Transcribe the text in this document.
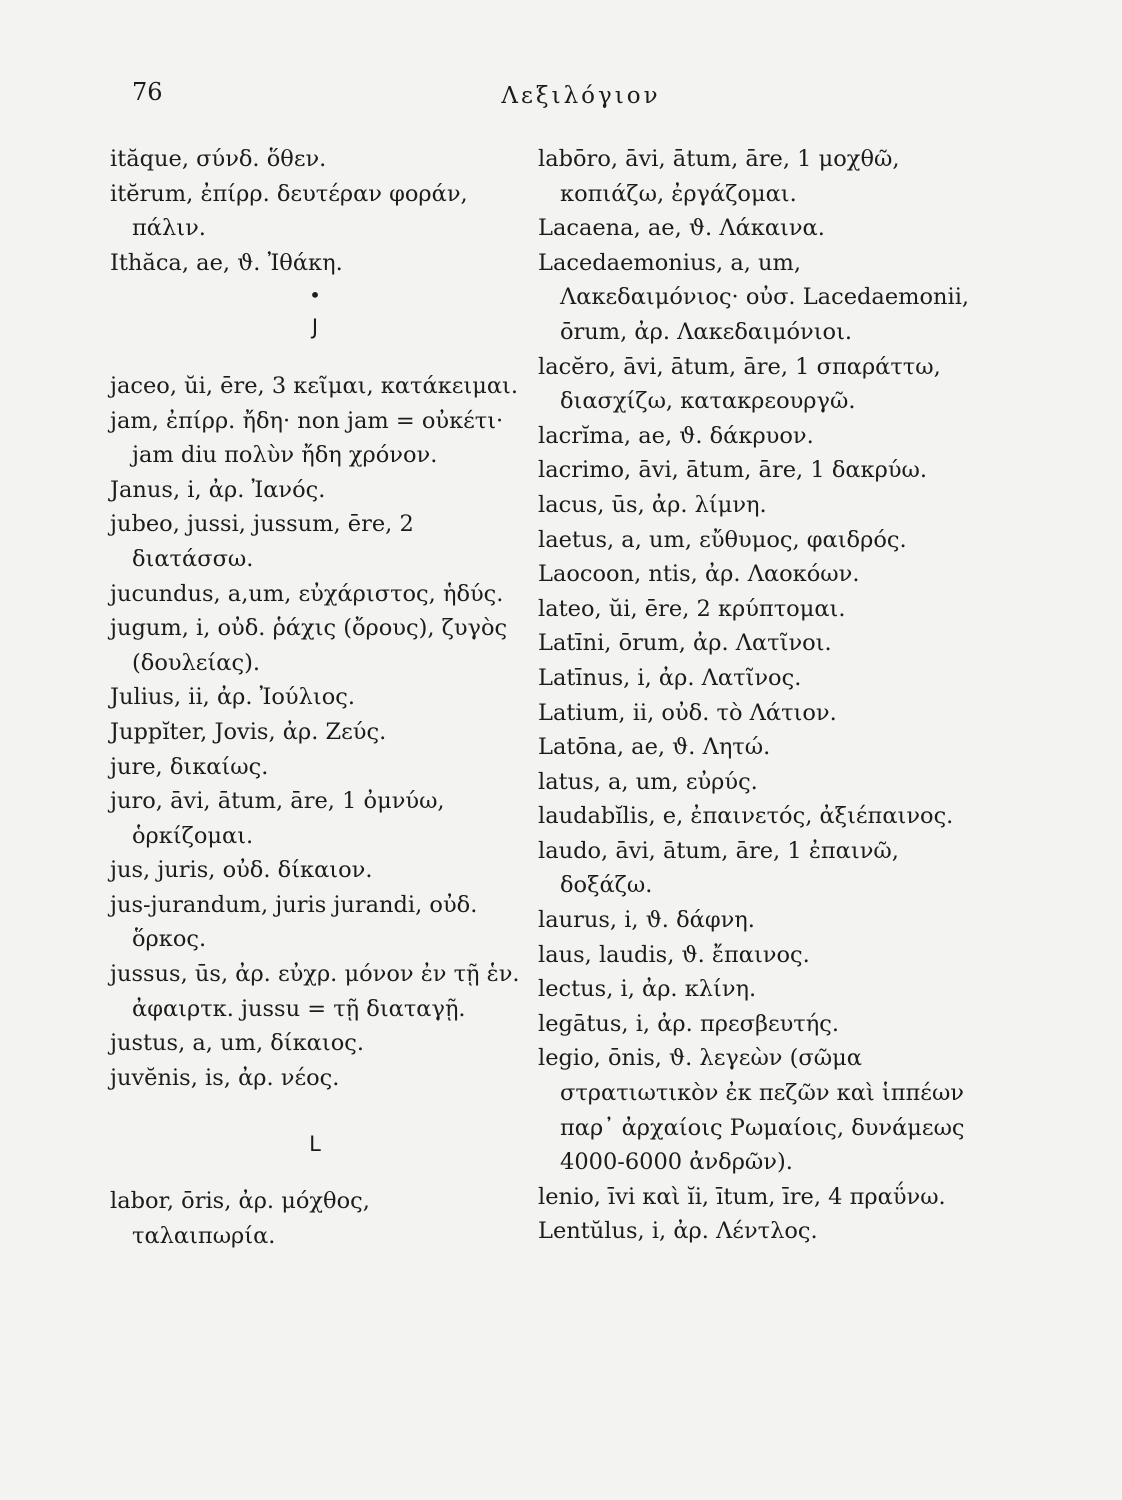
76	Λεξιλόγιον
ităque, σύνδ. ὅθεν.
itĕrum, ἐπίρρ. δευτέραν φοράν, πάλιν.
Ithăca, ae, ϑ. Ἰθάκη.
•
J
jaceo, ŭi, ēre, 3 κεῖμαι, κατάκειμαι.
jam, ἐπίρρ. ἤδη· non jam = οὐκέτι· jam diu πολὺν ἤδη χρόνον.
Janus, i, ἀρ. Ἰανός.
jubeo, jussi, jussum, ēre, 2 διατάσσω.
jucundus, a,um, εὐχάριστος, ἡδύς.
jugum, i, οὐδ. ῥάχις (ὄρους), ζυγὸς (δουλείας).
Julius, ii, ἀρ. Ἰούλιος.
Juppĭter, Jovis, ἀρ. Ζεύς.
jure, δικαίως.
juro, āvi, ātum, āre, 1 ὀμνύω, ὁρκίζομαι.
jus, juris, οὐδ. δίκαιον.
jus-jurandum, juris jurandi, οὐδ. ὅρκος.
jussus, ūs, ἀρ. εὐχρ. μόνον ἐν τῇ ἑν. ἀφαιρτκ. jussu = τῇ διαταγῇ.
justus, a, um, δίκαιος.
juvĕnis, is, ἀρ. νέος.
L
labor, ōris, ἀρ. μόχθος, ταλαιπωρία.
labōro, āvi, ātum, āre, 1 μοχθῶ, κοπιάζω, ἐργάζομαι.
Lacaena, ae, ϑ. Λάκαινα.
Lacedaemonius, a, um, Λακεδαιμόνιος· οὐσ. Lacedaemonii, ōrum, ἀρ. Λακεδαιμόνιοι.
lacĕro, āvi, ātum, āre, 1 σπαράττω, διασχίζω, κατακρεουργῶ.
lacrĭma, ae, ϑ. δάκρυον.
lacrimo, āvi, ātum, āre, 1 δακρύω.
lacus, ūs, ἀρ. λίμνη.
laetus, a, um, εὔθυμος, φαιδρός.
Laocoon, ntis, ἀρ. Λαοκόων.
lateo, ŭi, ēre, 2 κρύπτομαι.
Latīni, ōrum, ἀρ. Λατῖνοι.
Latīnus, i, ἀρ. Λατῖνος.
Latium, ii, οὐδ. τὸ Λάτιον.
Latōna, ae, ϑ. Λητώ.
latus, a, um, εὐρύς.
laudabĭlis, e, ἐπαινετός, ἀξιέπαινος.
laudo, āvi, ātum, āre, 1 ἐπαινῶ, δοξάζω.
laurus, i, ϑ. δάφνη.
laus, laudis, ϑ. ἔπαινος.
lectus, i, ἀρ. κλίνη.
legātus, i, ἀρ. πρεσβευτής.
legio, ōnis, ϑ. λεγεὼν (σῶμα στρατιωτικὸν ἐκ πεζῶν καὶ ἱππέων παρ᾿ ἀρχαίοις Ρωμαίοις, δυνάμεως 4000-6000 ἀνδρῶν).
lenio, īvi καὶ ĭi, ītum, īre, 4 πραΰνω.
Lentŭlus, i, ἀρ. Λέντλος.
